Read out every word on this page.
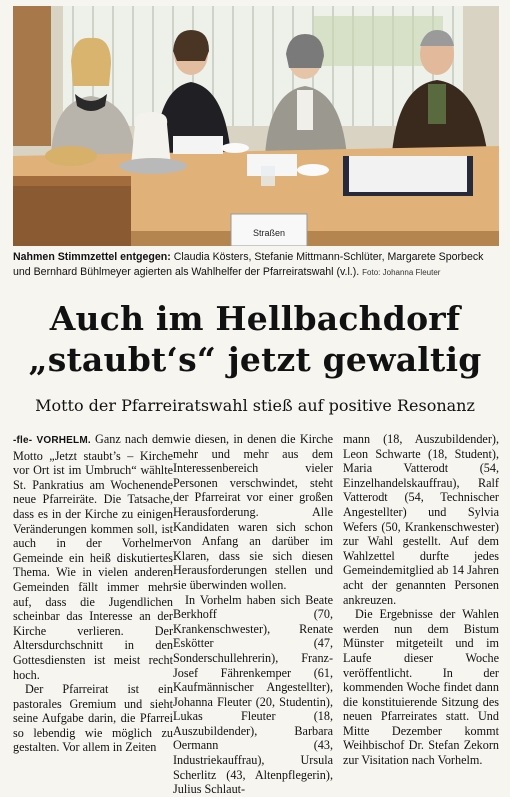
Straßen
Nahmen Stimmzettel entgegen: Claudia Kösters, Stefanie Mittmann-Schlüter, Margarete Sporbeck und Bernhard Bühlmeyer agierten als Wahlhelfer der Pfarreiratswahl (v.l.). Foto: Johanna Fleuter
Auch im Hellbachdorf
„staubt‘s“ jetzt gewaltig
Motto der Pfarreiratswahl stieß auf positive Resonanz

-fle- VORHELM. Ganz nach dem Motto „Jetzt staubt’s – Kirche vor Ort ist im Umbruch“ wählte St. Pankratius am Wochenende neue Pfarreiräte. Die Tatsache, dass es in der Kirche zu einigen Veränderungen kommen soll, ist auch in der Vorhelmer Gemeinde ein heiß diskutiertes Thema. Wie in vielen anderen Gemeinden fällt immer mehr auf, dass die Jugendlichen scheinbar das Interesse an der Kirche verlieren. Der Altersdurchschnitt in den Gottesdiensten ist meist recht hoch.

Der Pfarreirat ist ein pastorales Gremium und sieht seine Aufgabe darin, die Pfarrei so lebendig wie möglich zu gestalten. Vor allem in Zeiten

wie diesen, in denen die Kirche mehr und mehr aus dem Interessenbereich vieler Personen verschwindet, steht der Pfarreirat vor einer großen Herausforderung. Alle Kandidaten waren sich schon von Anfang an darüber im Klaren, dass sie sich diesen Herausforderungen stellen und sie überwinden wollen.

In Vorhelm haben sich Beate Berkhoff (70, Krankenschwester), Renate Eskötter (47, Sonderschullehrerin), Franz-Josef Fährenkemper (61, Kaufmännischer Angestellter), Johanna Fleuter (20, Studentin), Lukas Fleuter (18, Auszubildender), Barbara Oermann (43, Industriekauffrau), Ursula Scherlitz (43, Altenpflegerin), Julius Schlaut-

mann (18, Auszubildender), Leon Schwarte (18, Student), Maria Vatterodt (54, Einzelhandelskauffrau), Ralf Vatterodt (54, Technischer Angestellter) und Sylvia Wefers (50, Krankenschwester) zur Wahl gestellt. Auf dem Wahlzettel durfte jedes Gemeindemitglied ab 14 Jahren acht der genannten Personen ankreuzen.

Die Ergebnisse der Wahlen werden nun dem Bistum Münster mitgeteilt und im Laufe dieser Woche veröffentlicht. In der kommenden Woche findet dann die konstituierende Sitzung des neuen Pfarreirates statt. Und Mitte Dezember kommt Weihbischof Dr. Stefan Zekorn zur Visitation nach Vorhelm.
